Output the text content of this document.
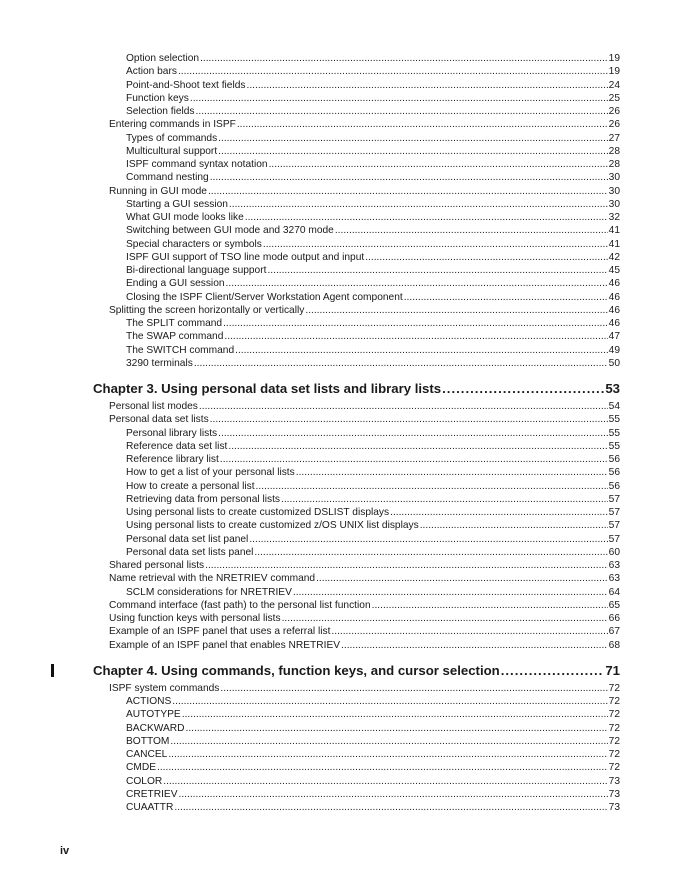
Option selection .....	19
Action bars .....	19
Point-and-Shoot text fields .....	24
Function keys .....	25
Selection fields .....	26
Entering commands in ISPF .....	26
Types of commands .....	27
Multicultural support .....	28
ISPF command syntax notation .....	28
Command nesting .....	30
Running in GUI mode .....	30
Starting a GUI session .....	30
What GUI mode looks like .....	32
Switching between GUI mode and 3270 mode .....	41
Special characters or symbols .....	41
ISPF GUI support of TSO line mode output and input .....	42
Bi-directional language support .....	45
Ending a GUI session .....	46
Closing the ISPF Client/Server Workstation Agent component .....	46
Splitting the screen horizontally or vertically .....	46
The SPLIT command .....	46
The SWAP command .....	47
The SWITCH command .....	49
3290 terminals .....	50
Chapter 3. Using personal data set lists and library lists .....	53
Personal list modes .....	54
Personal data set lists .....	55
Personal library lists .....	55
Reference data set list .....	55
Reference library list .....	56
How to get a list of your personal lists .....	56
How to create a personal list .....	56
Retrieving data from personal lists .....	57
Using personal lists to create customized DSLIST displays .....	57
Using personal lists to create customized z/OS UNIX list displays .....	57
Personal data set list panel .....	57
Personal data set lists panel .....	60
Shared personal lists .....	63
Name retrieval with the NRETRIEV command .....	63
SCLM considerations for NRETRIEV .....	64
Command interface (fast path) to the personal list function .....	65
Using function keys with personal lists .....	66
Example of an ISPF panel that uses a referral list .....	67
Example of an ISPF panel that enables NRETRIEV .....	68
Chapter 4. Using commands, function keys, and cursor selection .....	71
ISPF system commands .....	72
ACTIONS .....	72
AUTOTYPE .....	72
BACKWARD .....	72
BOTTOM .....	72
CANCEL .....	72
CMDE .....	72
COLOR .....	73
CRETRIEV .....	73
CUAATTR .....	73
iv
